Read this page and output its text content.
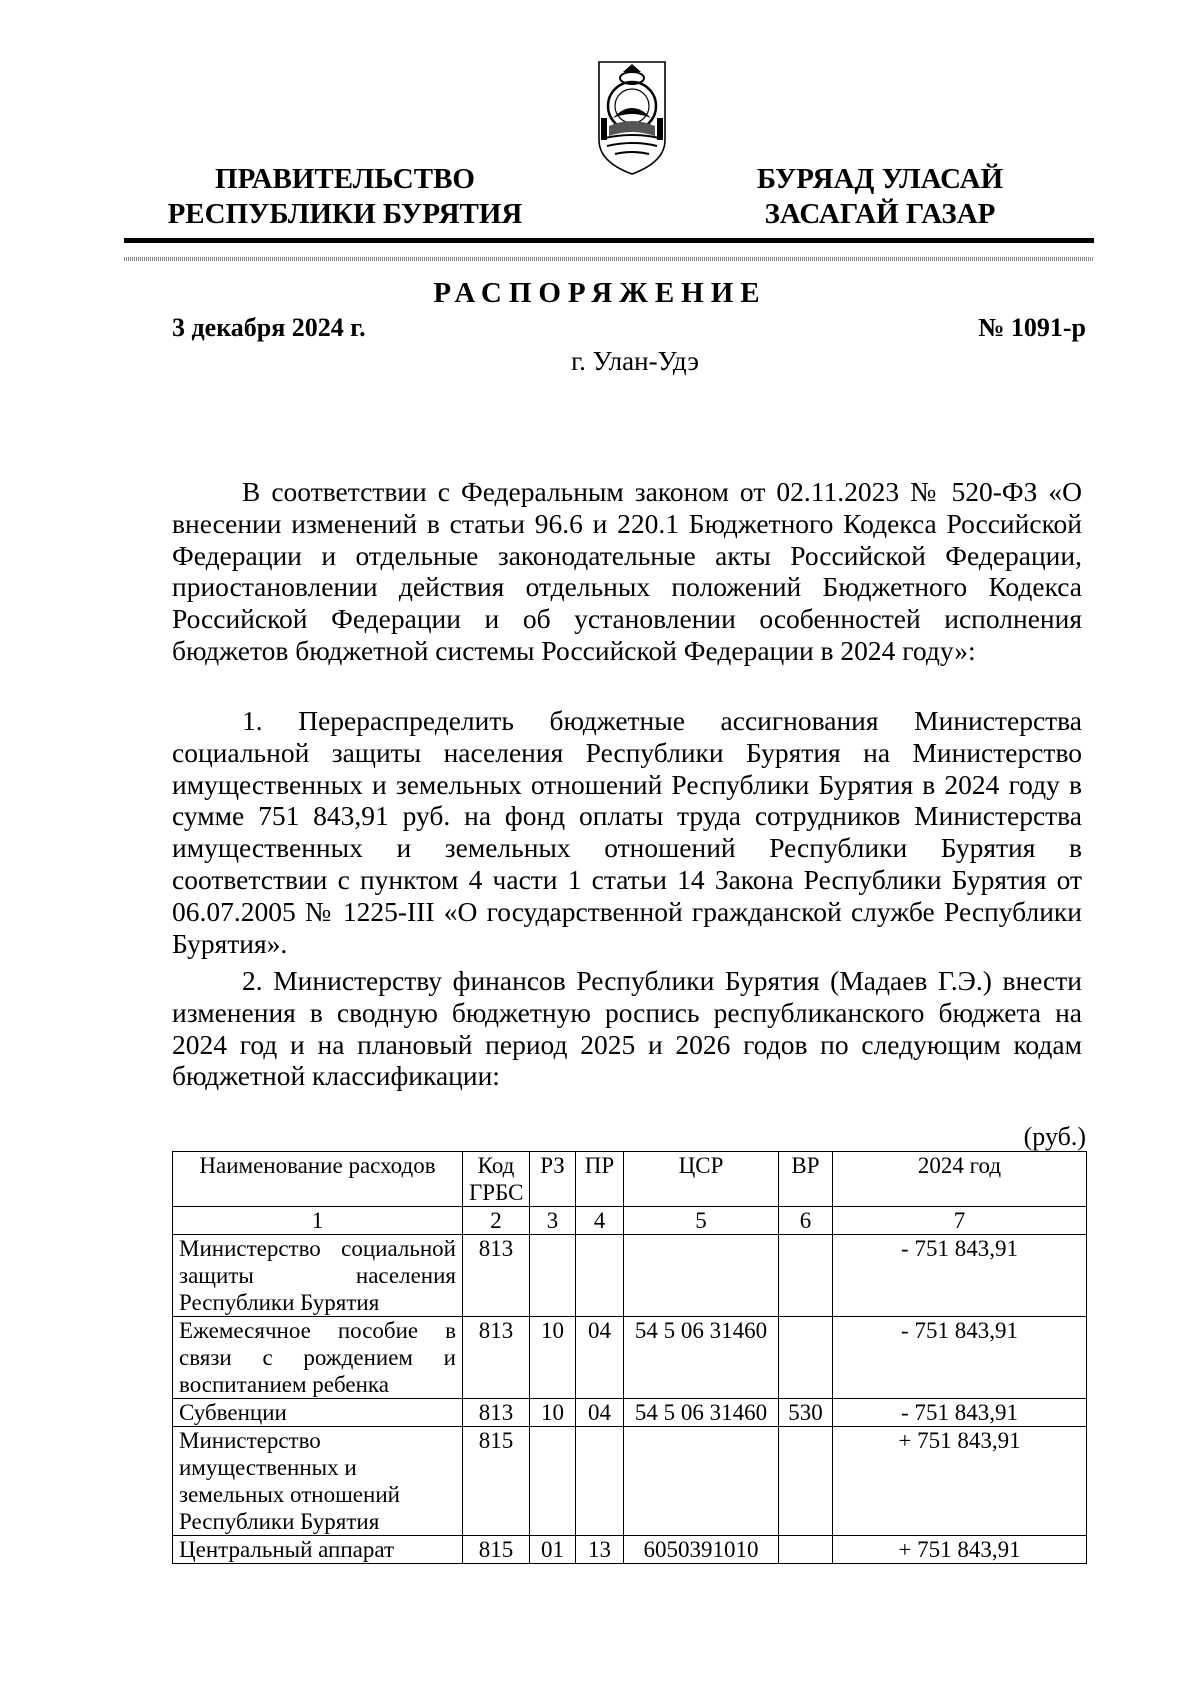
ПРАВИТЕЛЬСТВО
РЕСПУБЛИКИ БУРЯТИЯ
БУРЯАД УЛАСАЙ
ЗАСАГАЙ ГАЗАР
РАСПОРЯЖЕНИЕ
3 декабря 2024 г.	№ 1091-р
г. Улан-Удэ

В соответствии с Федеральным законом от 02.11.2023 № 520-ФЗ «О внесении изменений в статьи 96.6 и 220.1 Бюджетного Кодекса Российской Федерации и отдельные законодательные акты Российской Федерации, приостановлении действия отдельных положений Бюджетного Кодекса Российской Федерации и об установлении особенностей исполнения бюджетов бюджетной системы Российской Федерации в 2024 году»:

1. Перераспределить бюджетные ассигнования Министерства социальной защиты населения Республики Бурятия на Министерство имущественных и земельных отношений Республики Бурятия в 2024 году в сумме 751 843,91 руб. на фонд оплаты труда сотрудников Министерства имущественных и земельных отношений Республики Бурятия в соответствии с пунктом 4 части 1 статьи 14 Закона Республики Бурятия от 06.07.2005 № 1225-III «О государственной гражданской службе Республики Бурятия».

2. Министерству финансов Республики Бурятия (Мадаев Г.Э.) внести изменения в сводную бюджетную роспись республиканского бюджета на 2024 год и на плановый период 2025 и 2026 годов по следующим кодам бюджетной классификации:

(руб.)
Наименование расходов	Код ГРБС	РЗ	ПР	ЦСР	ВР	2024 год
1	2	3	4	5	6	7
Министерство социальной защиты населения Республики Бурятия	813					- 751 843,91
Ежемесячное пособие в связи с рождением и воспитанием ребенка	813	10	04	54 5 06 31460		- 751 843,91
Субвенции	813	10	04	54 5 06 31460	530	- 751 843,91
Министерство имущественных и земельных отношений Республики Бурятия	815					+ 751 843,91
Центральный аппарат	815	01	13	6050391010		+ 751 843,91
